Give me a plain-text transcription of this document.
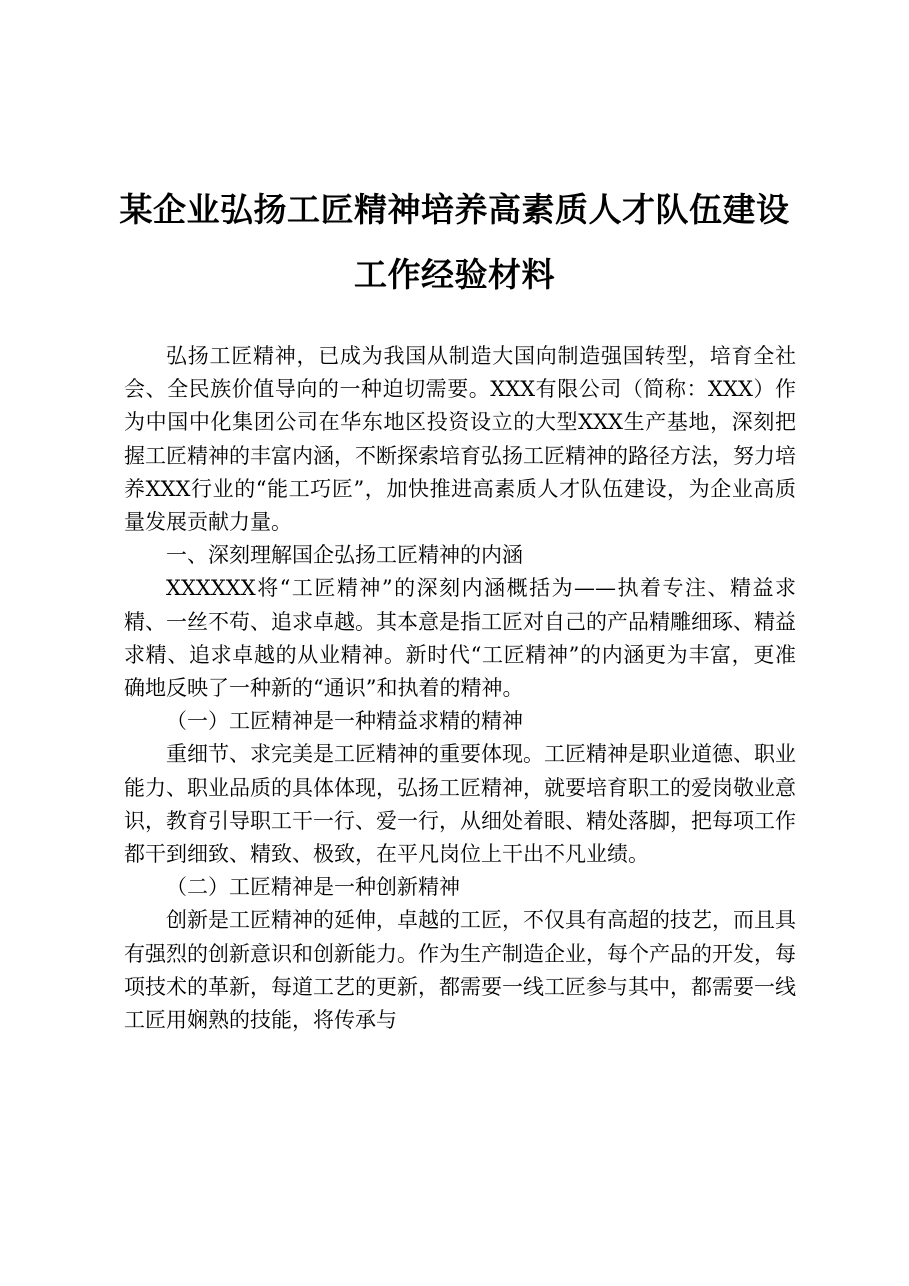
某企业弘扬工匠精神培养高素质人才队伍建设
工作经验材料

弘扬工匠精神，已成为我国从制造大国向制造强国转型，培育全社会、全民族价值导向的一种迫切需要。XXX有限公司（简称：XXX）作为中国中化集团公司在华东地区投资设立的大型XXX生产基地，深刻把握工匠精神的丰富内涵，不断探索培育弘扬工匠精神的路径方法，努力培养XXX行业的“能工巧匠”，加快推进高素质人才队伍建设，为企业高质量发展贡献力量。

一、深刻理解国企弘扬工匠精神的内涵

XXXXXX将“工匠精神”的深刻内涵概括为——执着专注、精益求精、一丝不苟、追求卓越。其本意是指工匠对自己的产品精雕细琢、精益求精、追求卓越的从业精神。新时代“工匠精神”的内涵更为丰富，更准确地反映了一种新的“通识”和执着的精神。

（一）工匠精神是一种精益求精的精神

重细节、求完美是工匠精神的重要体现。工匠精神是职业道德、职业能力、职业品质的具体体现，弘扬工匠精神，就要培育职工的爱岗敬业意识，教育引导职工干一行、爱一行，从细处着眼、精处落脚，把每项工作都干到细致、精致、极致，在平凡岗位上干出不凡业绩。

（二）工匠精神是一种创新精神

创新是工匠精神的延伸，卓越的工匠，不仅具有高超的技艺，而且具有强烈的创新意识和创新能力。作为生产制造企业，每个产品的开发，每项技术的革新，每道工艺的更新，都需要一线工匠参与其中，都需要一线工匠用娴熟的技能，将传承与
